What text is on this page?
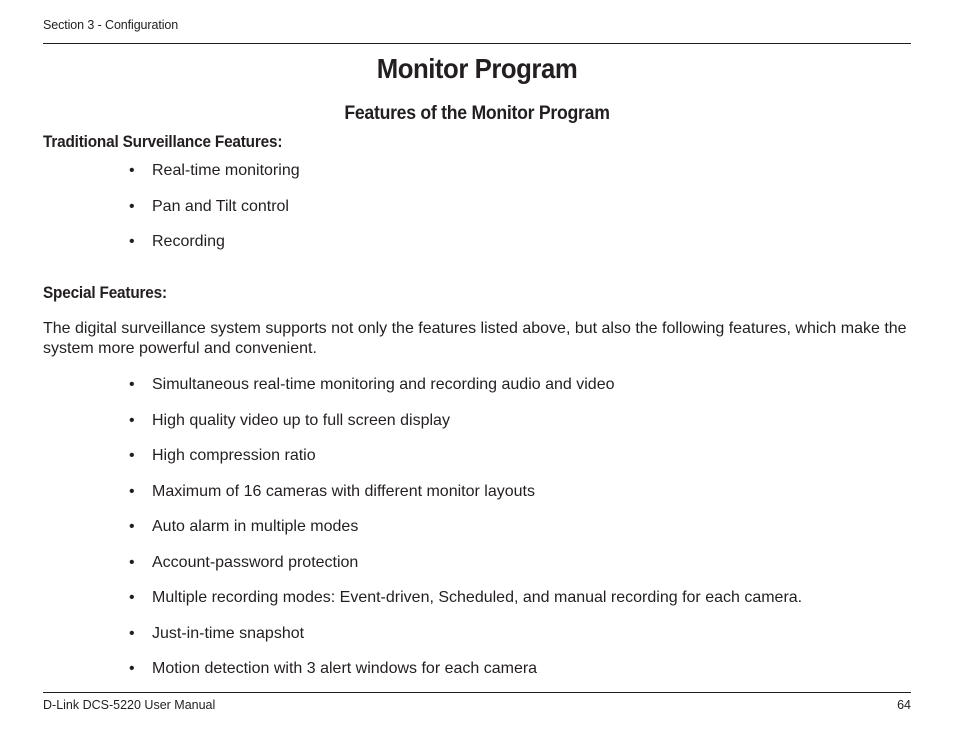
Section 3 - Configuration
Monitor Program
Features of the Monitor Program
Traditional Surveillance Features:
• Real-time monitoring
• Pan and Tilt control
• Recording
Special Features:

The digital surveillance system supports not only the features listed above, but also the following features, which make the system more powerful and convenient.

• Simultaneous real-time monitoring and recording audio and video
• High quality video up to full screen display
• High compression ratio
• Maximum of 16 cameras with different monitor layouts
• Auto alarm in multiple modes
• Account-password protection
• Multiple recording modes: Event-driven, Scheduled, and manual recording for each camera.
• Just-in-time snapshot
• Motion detection with 3 alert windows for each camera
D-Link DCS-5220 User Manual	64
